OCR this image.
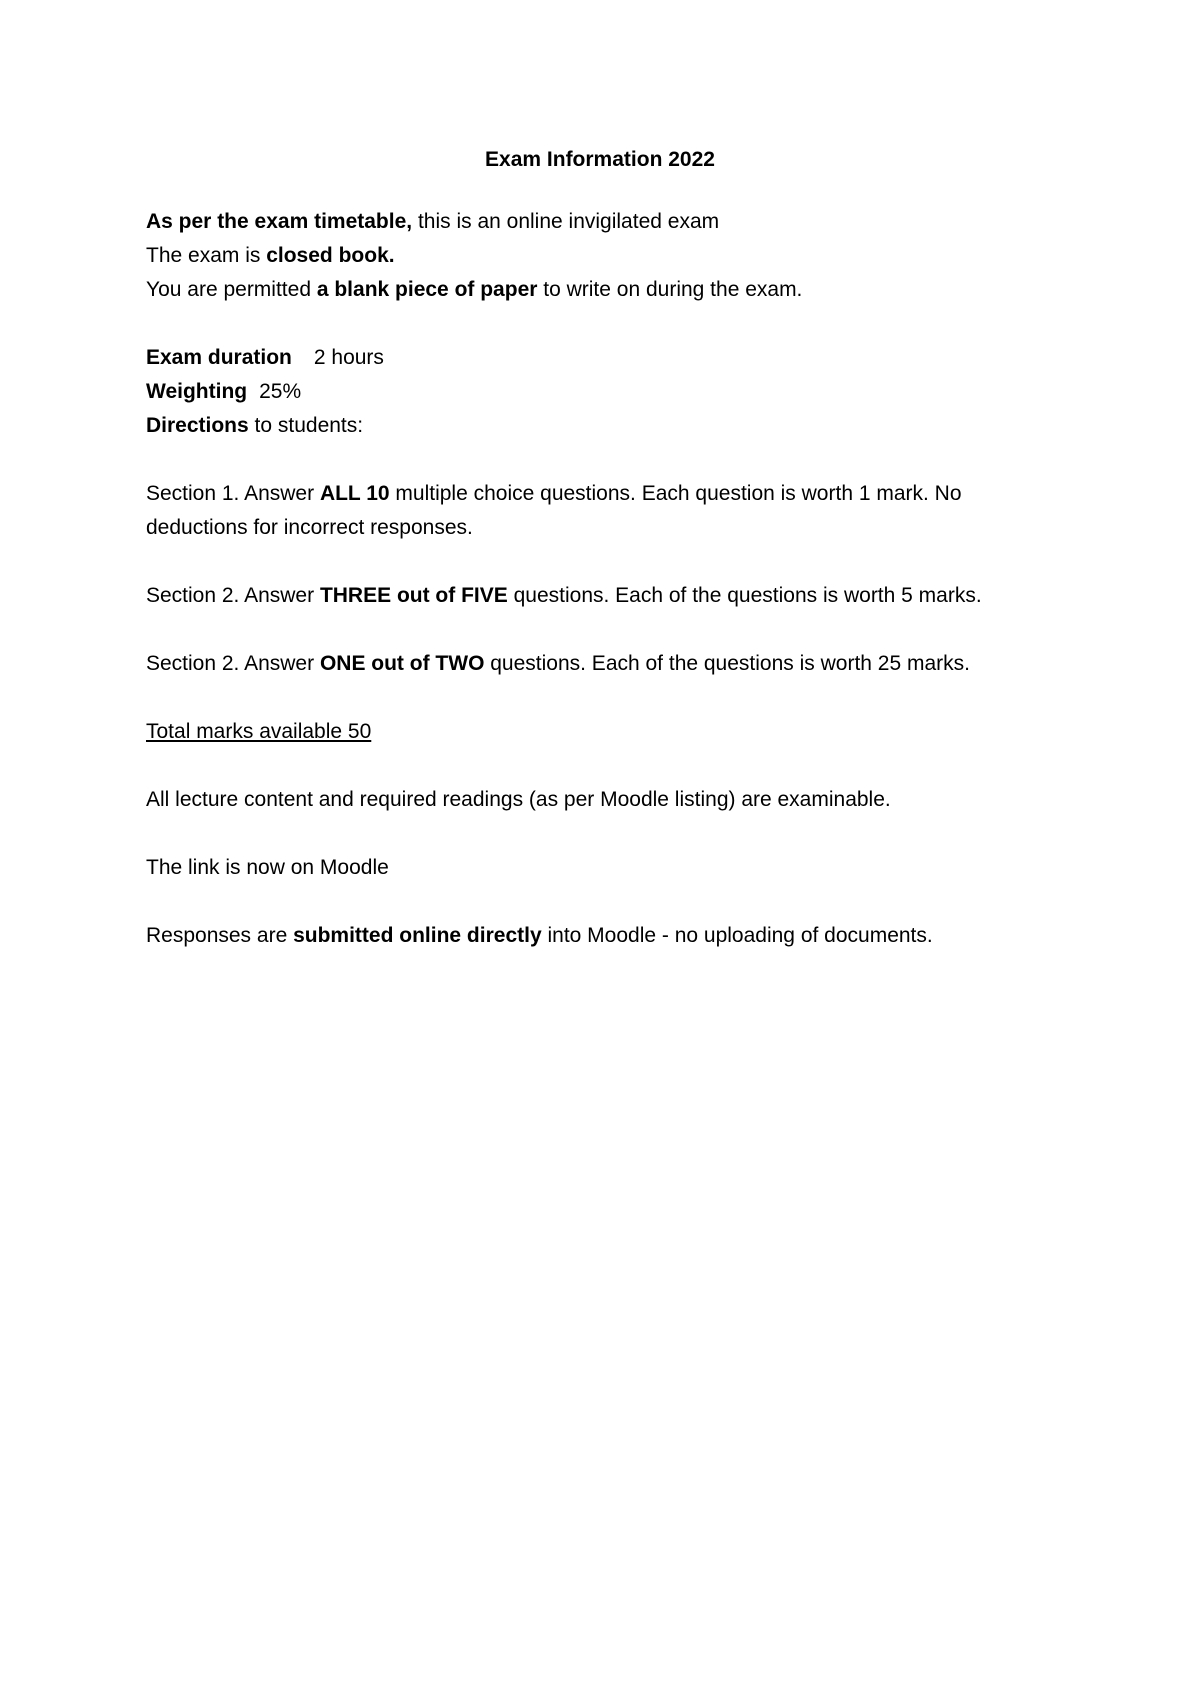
Exam Information 2022
As per the exam timetable, this is an online invigilated exam
The exam is closed book.
You are permitted a blank piece of paper to write on during the exam.
Exam duration 2 hours
Weighting 25%
Directions to students:
Section 1. Answer ALL 10 multiple choice questions. Each question is worth 1 mark. No
deductions for incorrect responses.
Section 2. Answer THREE out of FIVE questions. Each of the questions is worth 5 marks.
Section 2. Answer ONE out of TWO questions. Each of the questions is worth 25 marks.
Total marks available 50
All lecture content and required readings (as per Moodle listing) are examinable.
The link is now on Moodle
Responses are submitted online directly into Moodle - no uploading of documents.
